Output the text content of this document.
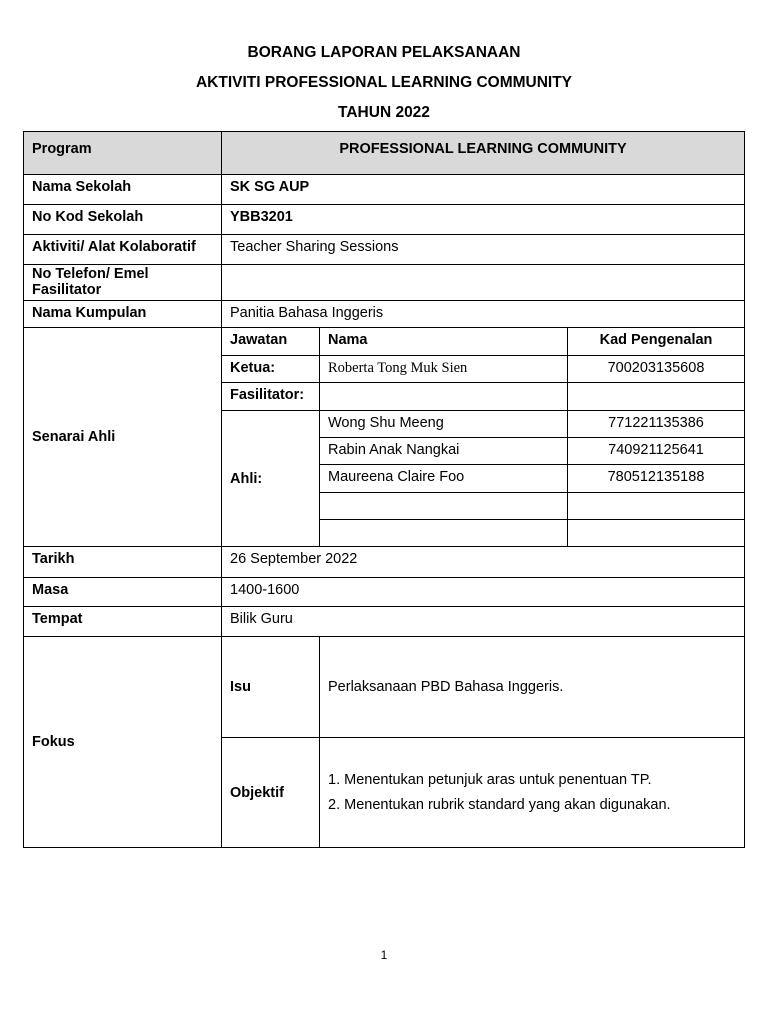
BORANG LAPORAN PELAKSANAAN
AKTIVITI PROFESSIONAL LEARNING COMMUNITY
TAHUN 2022
Program	PROFESSIONAL LEARNING COMMUNITY		
Nama Sekolah	SK SG AUP		
No Kod Sekolah	YBB3201		
Aktiviti/ Alat Kolaboratif	Teacher Sharing Sessions		
No Telefon/ Emel Fasilitator			
Nama Kumpulan	Panitia Bahasa Inggeris		
Senarai Ahli	Jawatan	Nama	Kad Pengenalan
	Ketua:	Roberta Tong Muk Sien	700203135608
	Fasilitator:		
	Ahli:	Wong Shu Meeng	771221135386
		Rabin Anak Nangkai	740921125641
		Maureena Claire Foo	780512135188

Tarikh	26 September 2022		
Masa	1400-1600		
Tempat	Bilik Guru		
Fokus	Isu	Perlaksanaan PBD Bahasa Inggeris.	
	Objektif	1. Menentukan petunjuk aras untuk penentuan TP.
2. Menentukan rubrik standard yang akan digunakan.	
1
